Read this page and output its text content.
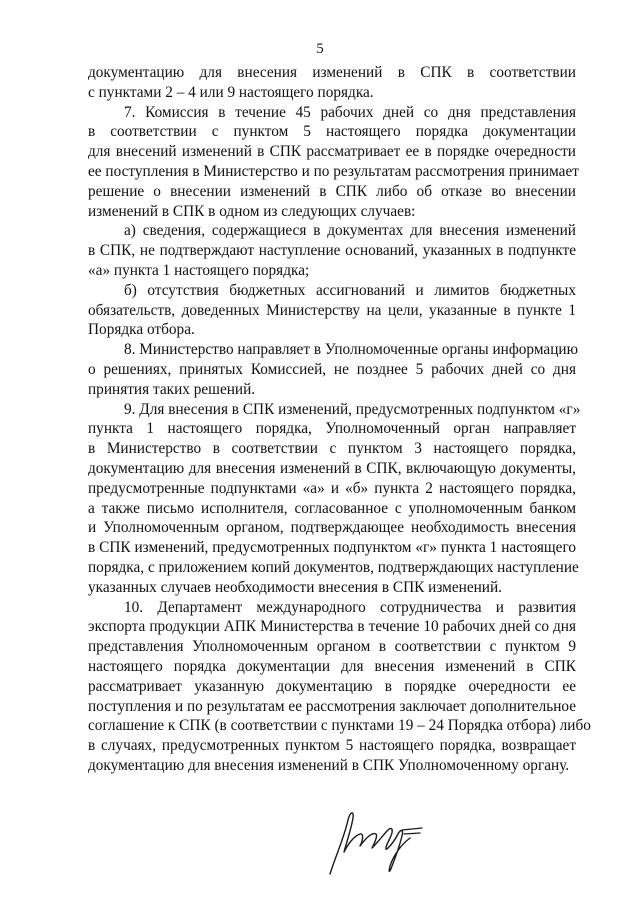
5
документацию для внесения изменений в СПК в соответствии
с пунктами 2 – 4 или 9 настоящего порядка.
7. Комиссия в течение 45 рабочих дней со дня представления
в соответствии с пунктом 5 настоящего порядка документации
для внесений изменений в СПК рассматривает ее в порядке очередности
ее поступления в Министерство и по результатам рассмотрения принимает
решение о внесении изменений в СПК либо об отказе во внесении
изменений в СПК в одном из следующих случаев:
а) сведения, содержащиеся в документах для внесения изменений
в СПК, не подтверждают наступление оснований, указанных в подпункте
«а» пункта 1 настоящего порядка;
б) отсутствия бюджетных ассигнований и лимитов бюджетных
обязательств, доведенных Министерству на цели, указанные в пункте 1
Порядка отбора.
8. Министерство направляет в Уполномоченные органы информацию
о решениях, принятых Комиссией, не позднее 5 рабочих дней со дня
принятия таких решений.
9. Для внесения в СПК изменений, предусмотренных подпунктом «г»
пункта 1 настоящего порядка, Уполномоченный орган направляет
в Министерство в соответствии с пунктом 3 настоящего порядка,
документацию для внесения изменений в СПК, включающую документы,
предусмотренные подпунктами «а» и «б» пункта 2 настоящего порядка,
а также письмо исполнителя, согласованное с уполномоченным банком
и Уполномоченным органом, подтверждающее необходимость внесения
в СПК изменений, предусмотренных подпунктом «г» пункта 1 настоящего
порядка, с приложением копий документов, подтверждающих наступление
указанных случаев необходимости внесения в СПК изменений.
10. Департамент международного сотрудничества и развития
экспорта продукции АПК Министерства в течение 10 рабочих дней со дня
представления Уполномоченным органом в соответствии с пунктом 9
настоящего порядка документации для внесения изменений в СПК
рассматривает указанную документацию в порядке очередности ее
поступления и по результатам ее рассмотрения заключает дополнительное
соглашение к СПК (в соответствии с пунктами 19 – 24 Порядка отбора) либо
в случаях, предусмотренных пунктом 5 настоящего порядка, возвращает
документацию для внесения изменений в СПК Уполномоченному органу.
